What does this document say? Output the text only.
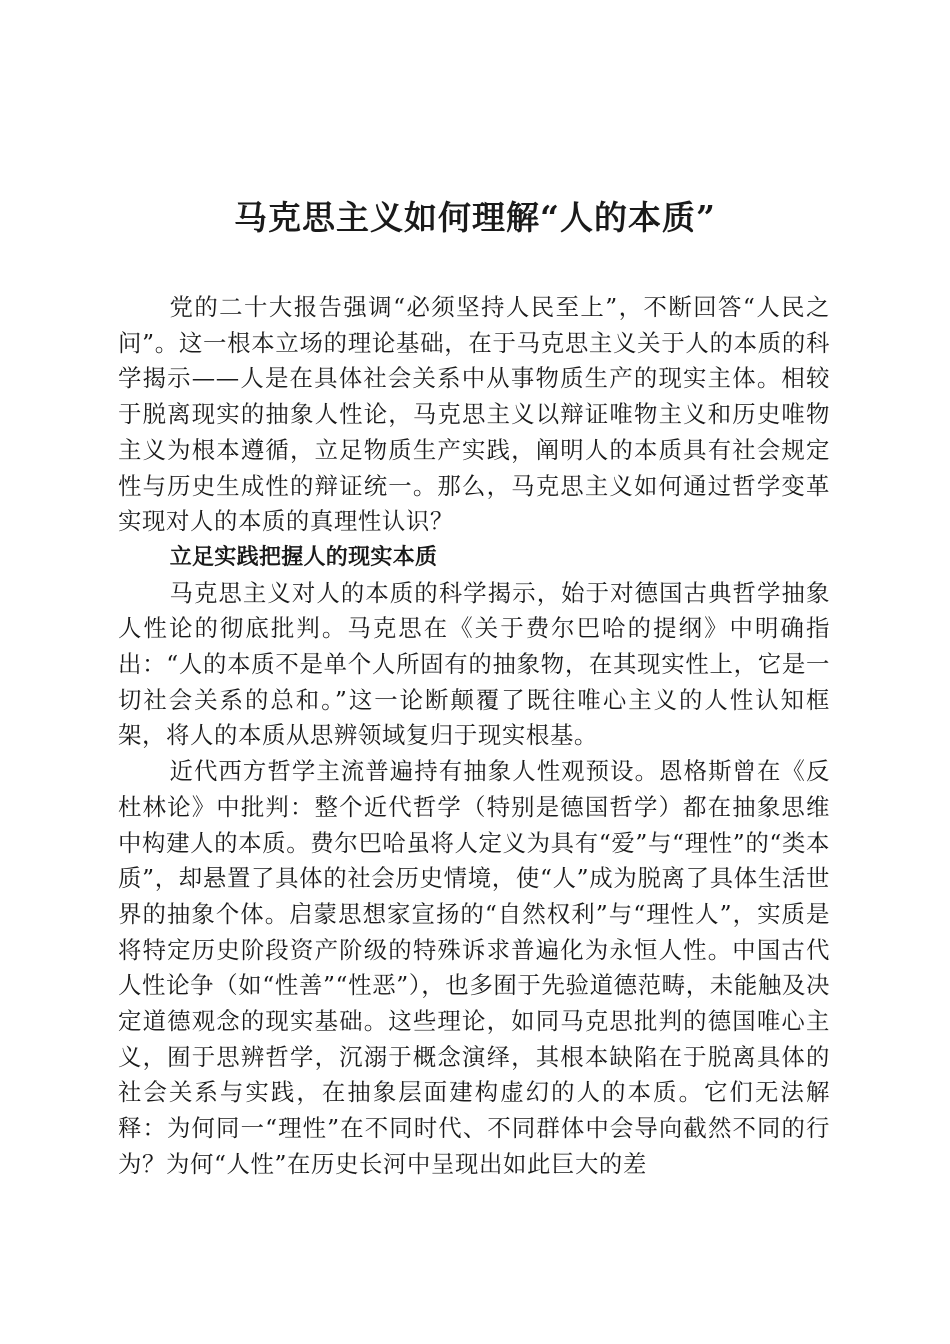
马克思主义如何理解“人的本质”

党的二十大报告强调“必须坚持人民至上”，不断回答“人民之问”。这一根本立场的理论基础，在于马克思主义关于人的本质的科学揭示——人是在具体社会关系中从事物质生产的现实主体。相较于脱离现实的抽象人性论，马克思主义以辩证唯物主义和历史唯物主义为根本遵循，立足物质生产实践，阐明人的本质具有社会规定性与历史生成性的辩证统一。那么，马克思主义如何通过哲学变革实现对人的本质的真理性认识？

立足实践把握人的现实本质

马克思主义对人的本质的科学揭示，始于对德国古典哲学抽象人性论的彻底批判。马克思在《关于费尔巴哈的提纲》中明确指出：“人的本质不是单个人所固有的抽象物，在其现实性上，它是一切社会关系的总和。”这一论断颠覆了既往唯心主义的人性认知框架，将人的本质从思辨领域复归于现实根基。

近代西方哲学主流普遍持有抽象人性观预设。恩格斯曾在《反杜林论》中批判：整个近代哲学（特别是德国哲学）都在抽象思维中构建人的本质。费尔巴哈虽将人定义为具有“爱”与“理性”的“类本质”，却悬置了具体的社会历史情境，使“人”成为脱离了具体生活世界的抽象个体。启蒙思想家宣扬的“自然权利”与“理性人”，实质是将特定历史阶段资产阶级的特殊诉求普遍化为永恒人性。中国古代人性论争（如“性善”“性恶”），也多囿于先验道德范畴，未能触及决定道德观念的现实基础。这些理论，如同马克思批判的德国唯心主义，囿于思辨哲学，沉溺于概念演绎，其根本缺陷在于脱离具体的社会关系与实践，在抽象层面建构虚幻的人的本质。它们无法解释：为何同一“理性”在不同时代、不同群体中会导向截然不同的行为？为何“人性”在历史长河中呈现出如此巨大的差
